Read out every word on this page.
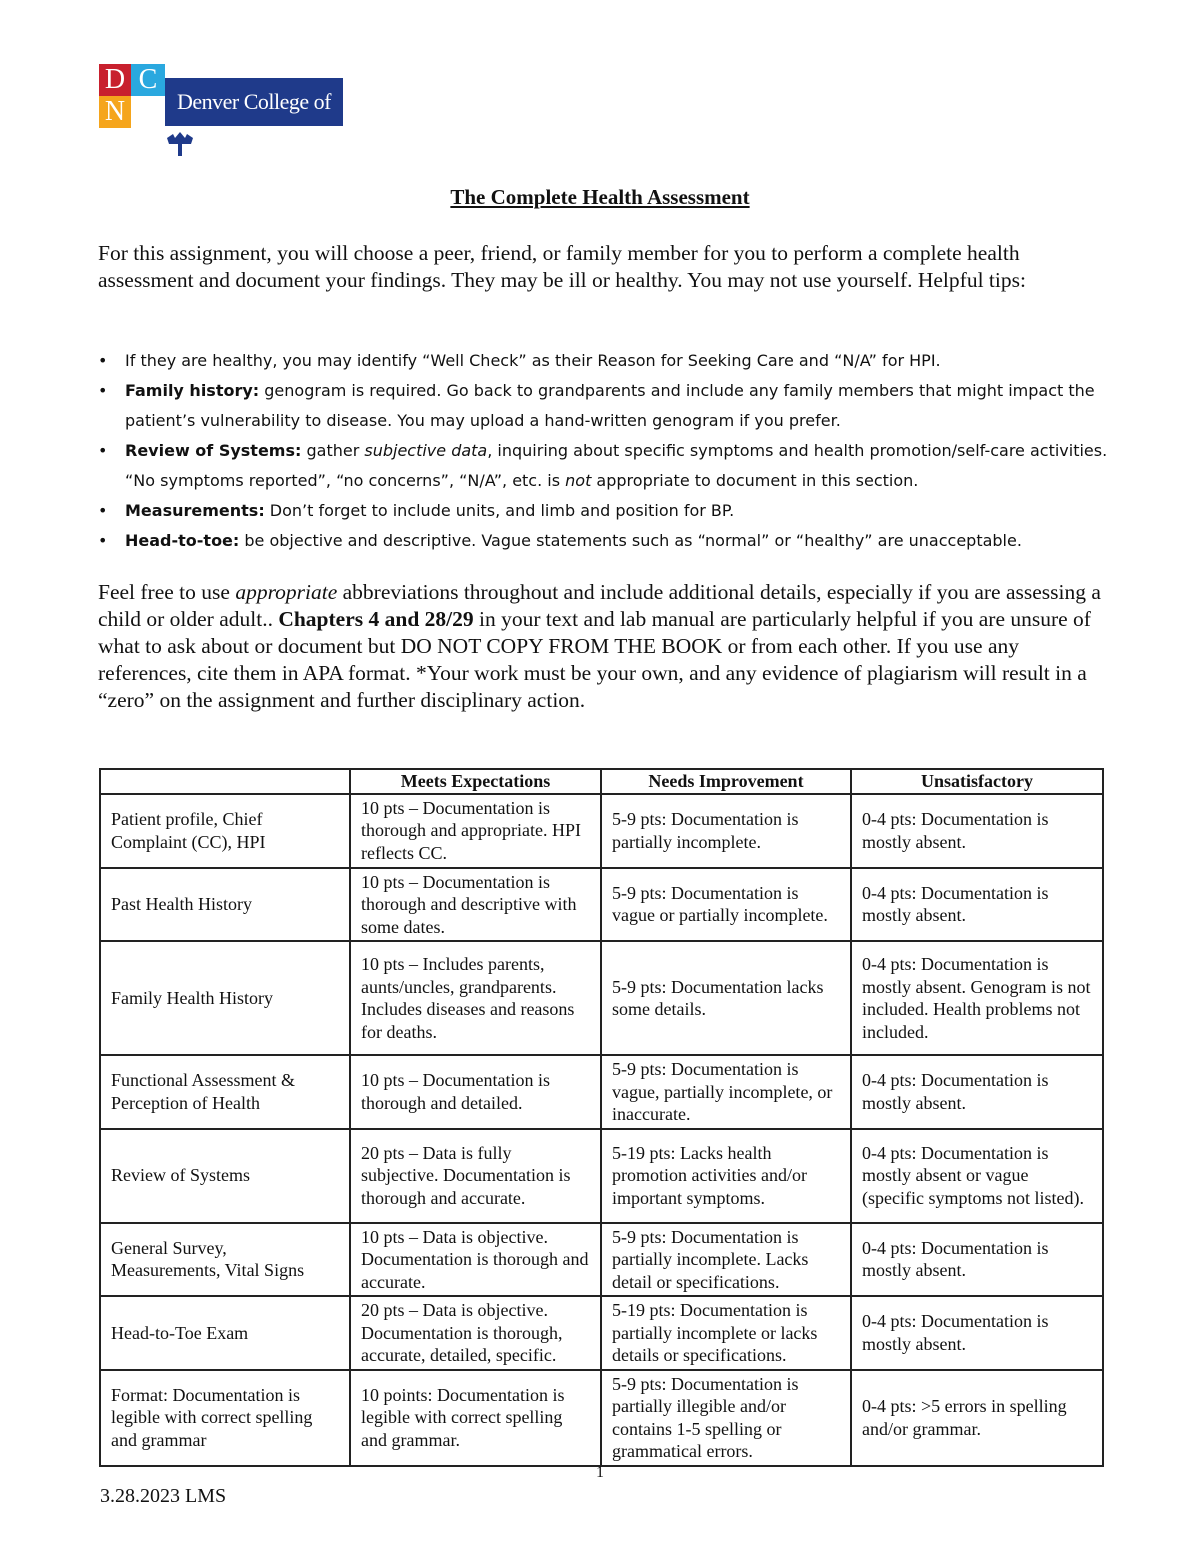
D C
N	Denver College of Nursing
The Complete Health Assessment

For this assignment, you will choose a peer, friend, or family member for you to perform a complete health assessment and document your findings. They may be ill or healthy. You may not use yourself. Helpful tips:

• If they are healthy, you may identify “Well Check” as their Reason for Seeking Care and “N/A” for HPI.
• Family history: genogram is required. Go back to grandparents and include any family members that might impact the patient’s vulnerability to disease. You may upload a hand-written genogram if you prefer.
• Review of Systems: gather subjective data, inquiring about specific symptoms and health promotion/self-care activities. “No symptoms reported”, “no concerns”, “N/A”, etc. is not appropriate to document in this section.
• Measurements: Don’t forget to include units, and limb and position for BP.
• Head-to-toe: be objective and descriptive. Vague statements such as “normal” or “healthy” are unacceptable.

Feel free to use appropriate abbreviations throughout and include additional details, especially if you are assessing a child or older adult.. Chapters 4 and 28/29 in your text and lab manual are particularly helpful if you are unsure of what to ask about or document but DO NOT COPY FROM THE BOOK or from each other. If you use any references, cite them in APA format. *Your work must be your own, and any evidence of plagiarism will result in a “zero” on the assignment and further disciplinary action.

	Meets Expectations	Needs Improvement	Unsatisfactory
Patient profile, Chief Complaint (CC), HPI	10 pts – Documentation is thorough and appropriate. HPI reflects CC.	5-9 pts: Documentation is partially incomplete.	0-4 pts: Documentation is mostly absent.
Past Health History	10 pts – Documentation is thorough and descriptive with some dates.	5-9 pts: Documentation is vague or partially incomplete.	0-4 pts: Documentation is mostly absent.
Family Health History	10 pts – Includes parents, aunts/uncles, grandparents. Includes diseases and reasons for deaths.	5-9 pts: Documentation lacks some details.	0-4 pts: Documentation is mostly absent. Genogram is not included. Health problems not included.
Functional Assessment & Perception of Health	10 pts – Documentation is thorough and detailed.	5-9 pts: Documentation is vague, partially incomplete, or inaccurate.	0-4 pts: Documentation is mostly absent.
Review of Systems	20 pts – Data is fully subjective. Documentation is thorough and accurate.	5-19 pts: Lacks health promotion activities and/or important symptoms.	0-4 pts: Documentation is mostly absent or vague (specific symptoms not listed).
General Survey, Measurements, Vital Signs	10 pts – Data is objective. Documentation is thorough and accurate.	5-9 pts: Documentation is partially incomplete. Lacks detail or specifications.	0-4 pts: Documentation is mostly absent.
Head-to-Toe Exam	20 pts – Data is objective. Documentation is thorough, accurate, detailed, specific.	5-19 pts: Documentation is partially incomplete or lacks details or specifications.	0-4 pts: Documentation is mostly absent.
Format: Documentation is legible with correct spelling and grammar	10 points: Documentation is legible with correct spelling and grammar.	5-9 pts: Documentation is partially illegible and/or contains 1-5 spelling or grammatical errors.	0-4 pts: >5 errors in spelling and/or grammar.
1
3.28.2023 LMS
